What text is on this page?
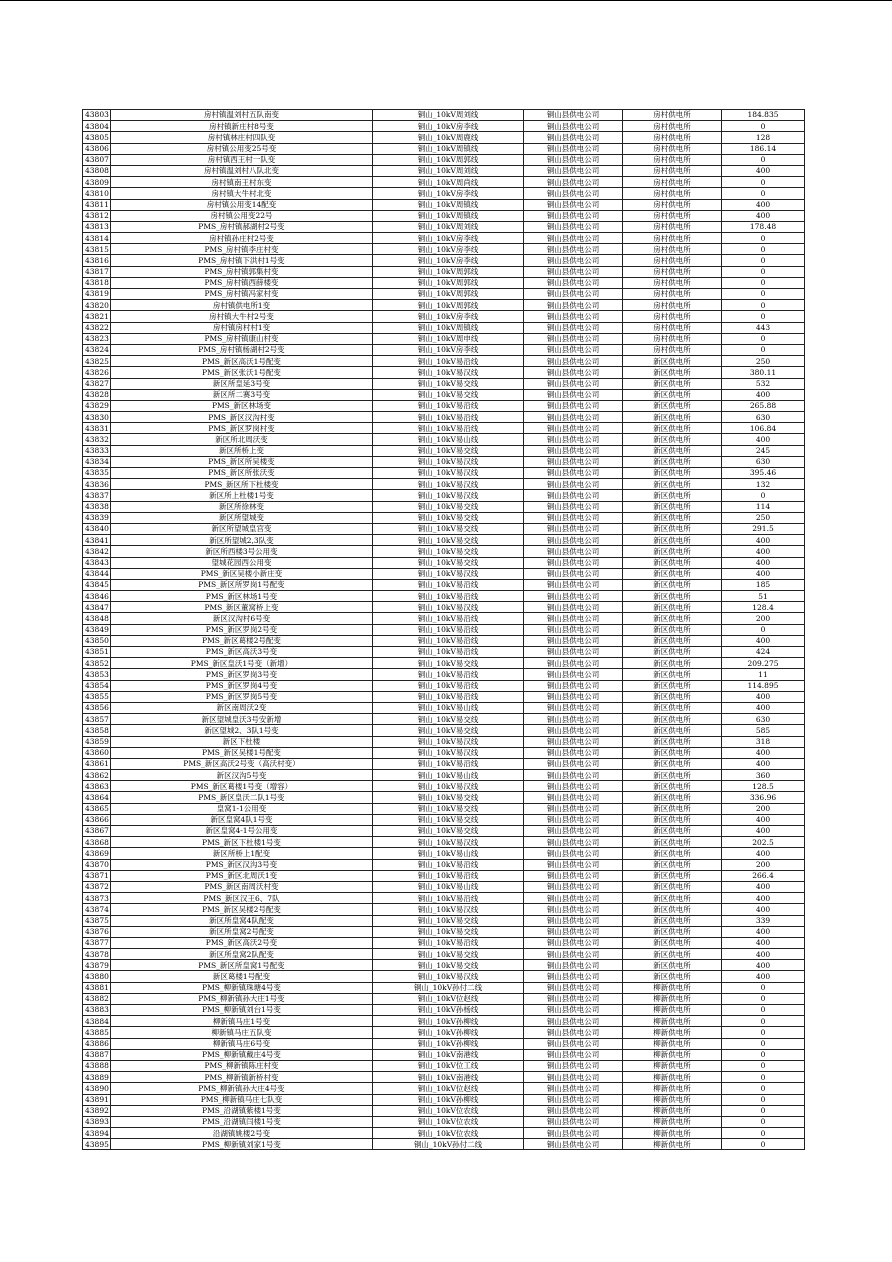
43803	房村镇温刘村五队南变	铜山_10kV周刘线	铜山县供电公司	房村供电所	184.835
43804	房村镇新庄村8号变	铜山_10kV房李线	铜山县供电公司	房村供电所	0
43805	房村镇林庄村四队变	铜山_10kV周鹿线	铜山县供电公司	房村供电所	128
43806	房村镇公用变25号变	铜山_10kV周镇线	铜山县供电公司	房村供电所	186.14
43807	房村镇西王村一队变	铜山_10kV周郭线	铜山县供电公司	房村供电所	0
43808	房村镇温刘村八队北变	铜山_10kV周刘线	铜山县供电公司	房村供电所	400
43809	房村镇南王村东变	铜山_10kV周尚线	铜山县供电公司	房村供电所	0
43810	房村镇大牛村北变	铜山_10kV房李线	铜山县供电公司	房村供电所	0
43811	房村镇公用变14配变	铜山_10kV周镇线	铜山县供电公司	房村供电所	400
43812	房村镇公用变22号	铜山_10kV周镇线	铜山县供电公司	房村供电所	400
43813	PMS_房村镇郝湖村2号变	铜山_10kV周刘线	铜山县供电公司	房村供电所	178.48
43814	房村镇孙庄村2号变	铜山_10kV房李线	铜山县供电公司	房村供电所	0
43815	PMS_房村镇李庄村变	铜山_10kV房李线	铜山县供电公司	房村供电所	0
43816	PMS_房村镇下洪村1号变	铜山_10kV房李线	铜山县供电公司	房村供电所	0
43817	PMS_房村镇郭集村变	铜山_10kV周郭线	铜山县供电公司	房村供电所	0
43818	PMS_房村镇西薛楼变	铜山_10kV周郭线	铜山县供电公司	房村供电所	0
43819	PMS_房村镇冯家村变	铜山_10kV周郭线	铜山县供电公司	房村供电所	0
43820	房村镇供电所1变	铜山_10kV周郭线	铜山县供电公司	房村供电所	0
43821	房村镇大牛村2号变	铜山_10kV房李线	铜山县供电公司	房村供电所	0
43822	房村镇房村村1变	铜山_10kV周镇线	铜山县供电公司	房村供电所	443
43823	PMS_房村镇康山村变	铜山_10kV周申线	铜山县供电公司	房村供电所	0
43824	PMS_房村镇杨湖村2号变	铜山_10kV房李线	铜山县供电公司	房村供电所	0
43825	PMS_新区高沃1号配变	铜山_10kV易沿线	铜山县供电公司	新区供电所	250
43826	PMS_新区张沃1号配变	铜山_10kV易汉线	铜山县供电公司	新区供电所	380.11
43827	新区所皇延3号变	铜山_10kV易交线	铜山县供电公司	新区供电所	532
43828	新区所二赛3号变	铜山_10kV易交线	铜山县供电公司	新区供电所	400
43829	PMS_新区林场变	铜山_10kV易沿线	铜山县供电公司	新区供电所	265.88
43830	PMS_新区汉沟村变	铜山_10kV易沿线	铜山县供电公司	新区供电所	630
43831	PMS_新区罗岗村变	铜山_10kV易沿线	铜山县供电公司	新区供电所	106.84
43832	新区所北周沃变	铜山_10kV易山线	铜山县供电公司	新区供电所	400
43833	新区所桥上变	铜山_10kV易交线	铜山县供电公司	新区供电所	245
43834	PMS_新区所吴楼变	铜山_10kV易汉线	铜山县供电公司	新区供电所	630
43835	PMS_新区所张沃变	铜山_10kV易汉线	铜山县供电公司	新区供电所	395.46
43836	PMS_新区所下杜楼变	铜山_10kV易汉线	铜山县供电公司	新区供电所	132
43837	新区所上杜楼1号变	铜山_10kV易汉线	铜山县供电公司	新区供电所	0
43838	新区所徐林变	铜山_10kV易交线	铜山县供电公司	新区供电所	114
43839	新区所望城变	铜山_10kV易交线	铜山县供电公司	新区供电所	250
43840	新区所望城皇宫变	铜山_10kV易交线	铜山县供电公司	新区供电所	291.5
43841	新区所望城2,3队变	铜山_10kV易交线	铜山县供电公司	新区供电所	400
43842	新区所西楼3号公用变	铜山_10kV易交线	铜山县供电公司	新区供电所	400
43843	望城花园西公用变	铜山_10kV易交线	铜山县供电公司	新区供电所	400
43844	PMS_新区吴楼小新庄变	铜山_10kV易汉线	铜山县供电公司	新区供电所	400
43845	PMS_新区所罗岗1号配变	铜山_10kV易沿线	铜山县供电公司	新区供电所	185
43846	PMS_新区林场1号变	铜山_10kV易沿线	铜山县供电公司	新区供电所	51
43847	PMS_新区董窝桥上变	铜山_10kV易汉线	铜山县供电公司	新区供电所	128.4
43848	新区汉沟村6号变	铜山_10kV易沿线	铜山县供电公司	新区供电所	200
43849	PMS_新区罗岗2号变	铜山_10kV易沿线	铜山县供电公司	新区供电所	0
43850	PMS_新区葛楼2号配变	铜山_10kV易沿线	铜山县供电公司	新区供电所	400
43851	PMS_新区高沃3号变	铜山_10kV易沿线	铜山县供电公司	新区供电所	424
43852	PMS_新区皇沃1号变（新增）	铜山_10kV易交线	铜山县供电公司	新区供电所	209.275
43853	PMS_新区罗岗3号变	铜山_10kV易沿线	铜山县供电公司	新区供电所	11
43854	PMS_新区罗岗4号变	铜山_10kV易沿线	铜山县供电公司	新区供电所	114.895
43855	PMS_新区罗岗5号变	铜山_10kV易沿线	铜山县供电公司	新区供电所	400
43856	新区南周沃2变	铜山_10kV易山线	铜山县供电公司	新区供电所	400
43857	新区望城皇沃3号安新增	铜山_10kV易交线	铜山县供电公司	新区供电所	630
43858	新区望城2、3队1号变	铜山_10kV易交线	铜山县供电公司	新区供电所	585
43859	新区下杜楼	铜山_10kV易汉线	铜山县供电公司	新区供电所	318
43860	PMS_新区吴楼1号配变	铜山_10kV易汉线	铜山县供电公司	新区供电所	400
43861	PMS_新区高沃2号变（高沃村变）	铜山_10kV易沿线	铜山县供电公司	新区供电所	400
43862	新区汉沟5号变	铜山_10kV易山线	铜山县供电公司	新区供电所	360
43863	PMS_新区葛楼1号变（增容）	铜山_10kV易汉线	铜山县供电公司	新区供电所	128.5
43864	PMS_新区皇沃二队1号变	铜山_10kV易交线	铜山县供电公司	新区供电所	336.96
43865	皇窝1-1公用变	铜山_10kV易交线	铜山县供电公司	新区供电所	200
43866	新区皇窝4队1号变	铜山_10kV易交线	铜山县供电公司	新区供电所	400
43867	新区皇窝4-1号公用变	铜山_10kV易交线	铜山县供电公司	新区供电所	400
43868	PMS_新区下杜楼1号变	铜山_10kV易汉线	铜山县供电公司	新区供电所	202.5
43869	新区所桥上1配变	铜山_10kV易山线	铜山县供电公司	新区供电所	400
43870	PMS_新区汉沟3号变	铜山_10kV易沿线	铜山县供电公司	新区供电所	200
43871	PMS_新区北周沃1变	铜山_10kV易沿线	铜山县供电公司	新区供电所	266.4
43872	PMS_新区南周沃村变	铜山_10kV易山线	铜山县供电公司	新区供电所	400
43873	PMS_新区汉王6、7队	铜山_10kV易沿线	铜山县供电公司	新区供电所	400
43874	PMS_新区吴楼2号配变	铜山_10kV易汉线	铜山县供电公司	新区供电所	400
43875	新区所皇窝4队配变	铜山_10kV易交线	铜山县供电公司	新区供电所	339
43876	新区所皇窝2号配变	铜山_10kV易交线	铜山县供电公司	新区供电所	400
43877	PMS_新区高沃2号变	铜山_10kV易沿线	铜山县供电公司	新区供电所	400
43878	新区所皇窝2队配变	铜山_10kV易交线	铜山县供电公司	新区供电所	400
43879	PMS_新区所皇窝1号配变	铜山_10kV易交线	铜山县供电公司	新区供电所	400
43880	新区葛楼1号配变	铜山_10kV易汉线	铜山县供电公司	新区供电所	400
43881	PMS_柳新镇珠塘4号变	铜山_10kV孙付二线	铜山县供电公司	柳新供电所	0
43882	PMS_柳新镇孙大庄1号变	铜山_10kV位赵线	铜山县供电公司	柳新供电所	0
43883	PMS_柳新镇刘台1号变	铜山_10kV孙杨线	铜山县供电公司	柳新供电所	0
43884	柳新镇马庄1号变	铜山_10kV孙柳线	铜山县供电公司	柳新供电所	0
43885	柳新镇马庄五队变	铜山_10kV孙柳线	铜山县供电公司	柳新供电所	0
43886	柳新镇马庄6号变	铜山_10kV孙柳线	铜山县供电公司	柳新供电所	0
43887	PMS_柳新镇戴庄4号变	铜山_10kV南港线	铜山县供电公司	柳新供电所	0
43888	PMS_柳新镇陈庄村变	铜山_10kV位工线	铜山县供电公司	柳新供电所	0
43889	PMS_柳新镇新桥村变	铜山_10kV南港线	铜山县供电公司	柳新供电所	0
43890	PMS_柳新镇孙大庄4号变	铜山_10kV位赵线	铜山县供电公司	柳新供电所	0
43891	PMS_柳新镇马庄七队变	铜山_10kV孙柳线	铜山县供电公司	柳新供电所	0
43892	PMS_沿湖镇紫楼1号变	铜山_10kV位农线	铜山县供电公司	柳新供电所	0
43893	PMS_沿湖镇闫楼1号变	铜山_10kV位农线	铜山县供电公司	柳新供电所	0
43894	沿湖镇姚楼2号变	铜山_10kV位农线	铜山县供电公司	柳新供电所	0
43895	PMS_柳新镇刘家1号变	铜山_10kV孙付二线	铜山县供电公司	柳新供电所	0
